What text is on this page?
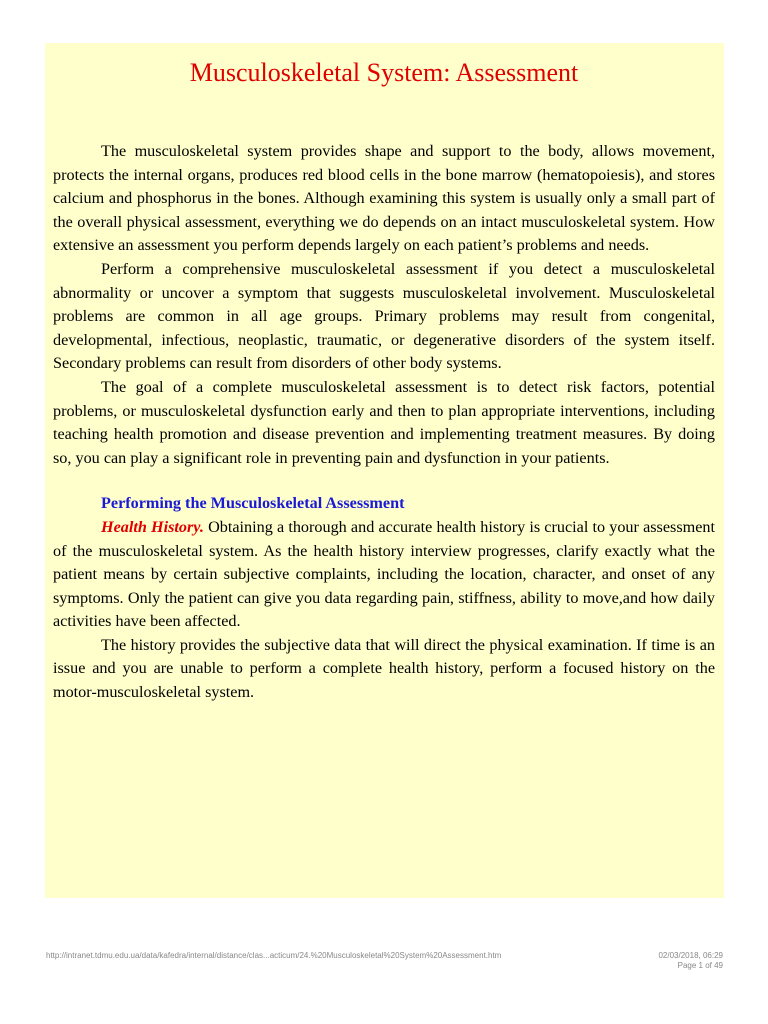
Musculoskeletal System: Assessment

The musculoskeletal system provides shape and support to the body, allows movement, protects the internal organs, produces red blood cells in the bone marrow (hematopoiesis), and stores calcium and phosphorus in the bones. Although examining this system is usually only a small part of the overall physical assessment, everything we do depends on an intact musculoskeletal system. How extensive an assessment you perform depends largely on each patient’s problems and needs.

Perform a comprehensive musculoskeletal assessment if you detect a musculoskeletal abnormality or uncover a symptom that suggests musculoskeletal involvement. Musculoskeletal problems are common in all age groups. Primary problems may result from congenital, developmental, infectious, neoplastic, traumatic, or degenerative disorders of the system itself. Secondary problems can result from disorders of other body systems.

The goal of a complete musculoskeletal assessment is to detect risk factors, potential problems, or musculoskeletal dysfunction early and then to plan appropriate interventions, including teaching health promotion and disease prevention and implementing treatment measures. By doing so, you can play a significant role in preventing pain and dysfunction in your patients.

Performing the Musculoskeletal Assessment

Health History. Obtaining a thorough and accurate health history is crucial to your assessment of the musculoskeletal system. As the health history interview progresses, clarify exactly what the patient means by certain subjective complaints, including the location, character, and onset of any symptoms. Only the patient can give you data regarding pain, stiffness, ability to move,and how daily activities have been affected.

The history provides the subjective data that will direct the physical examination. If time is an issue and you are unable to perform a complete health history, perform a focused history on the motor-musculoskeletal system.

http://intranet.tdmu.edu.ua/data/kafedra/internal/distance/clas...acticum/24.%20Musculoskeletal%20System%20Assessment.htm	02/03/2018, 06:29
Page 1 of 49
